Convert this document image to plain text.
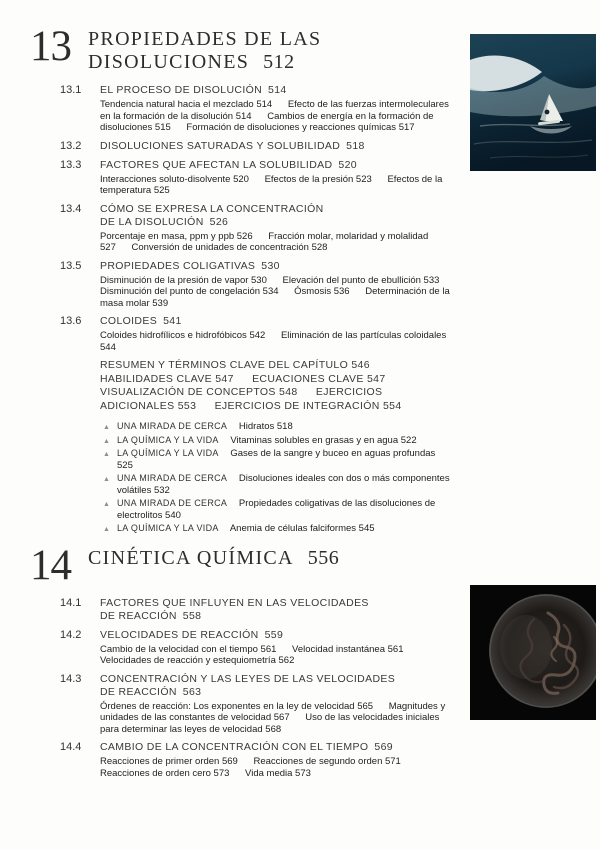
13 PROPIEDADES DE LAS DISOLUCIONES 512
13.1	EL PROCESO DE DISOLUCIÓN 514
Tendencia natural hacia el mezclado 514 Efecto de las fuerzas intermoleculares en la formación de la disolución 514 Cambios de energía en la formación de disoluciones 515 Formación de disoluciones y reacciones químicas 517
13.2	DISOLUCIONES SATURADAS Y SOLUBILIDAD 518
13.3	FACTORES QUE AFECTAN LA SOLUBILIDAD 520
Interacciones soluto-disolvente 520 Efectos de la presión 523 Efectos de la temperatura 525
13.4	CÓMO SE EXPRESA LA CONCENTRACIÓN
DE LA DISOLUCIÓN 526
Porcentaje en masa, ppm y ppb 526 Fracción molar, molaridad y molalidad 527 Conversión de unidades de concentración 528
13.5	PROPIEDADES COLIGATIVAS 530
Disminución de la presión de vapor 530 Elevación del punto de ebullición 533 Disminución del punto de congelación 534 Ósmosis 536 Determinación de la masa molar 539
13.6	COLOIDES 541
Coloides hidrofílicos e hidrofóbicos 542 Eliminación de las partículas coloidales 544
RESUMEN Y TÉRMINOS CLAVE DEL CAPÍTULO 546 HABILIDADES CLAVE 547 ECUACIONES CLAVE 547 VISUALIZACIÓN DE CONCEPTOS 548 EJERCICIOS ADICIONALES 553 EJERCICIOS DE INTEGRACIÓN 554
▲ UNA MIRADA DE CERCA Hidratos 518
▲ LA QUÍMICA Y LA VIDA Vitaminas solubles en grasas y en agua 522
▲ LA QUÍMICA Y LA VIDA Gases de la sangre y buceo en aguas profundas 525
▲ UNA MIRADA DE CERCA Disoluciones ideales con dos o más componentes volátiles 532
▲ UNA MIRADA DE CERCA Propiedades coligativas de las disoluciones de electrolitos 540
▲ LA QUÍMICA Y LA VIDA Anemia de células falciformes 545
14 CINÉTICA QUÍMICA 556
14.1	FACTORES QUE INFLUYEN EN LAS VELOCIDADES
DE REACCIÓN 558
14.2	VELOCIDADES DE REACCIÓN 559
Cambio de la velocidad con el tiempo 561 Velocidad instantánea 561 Velocidades de reacción y estequiometría 562
14.3	CONCENTRACIÓN Y LAS LEYES DE LAS VELOCIDADES
DE REACCIÓN 563
Órdenes de reacción: Los exponentes en la ley de velocidad 565 Magnitudes y unidades de las constantes de velocidad 567 Uso de las velocidades iniciales para determinar las leyes de velocidad 568
14.4	CAMBIO DE LA CONCENTRACIÓN CON EL TIEMPO 569
Reacciones de primer orden 569 Reacciones de segundo orden 571 Reacciones de orden cero 573 Vida media 573
